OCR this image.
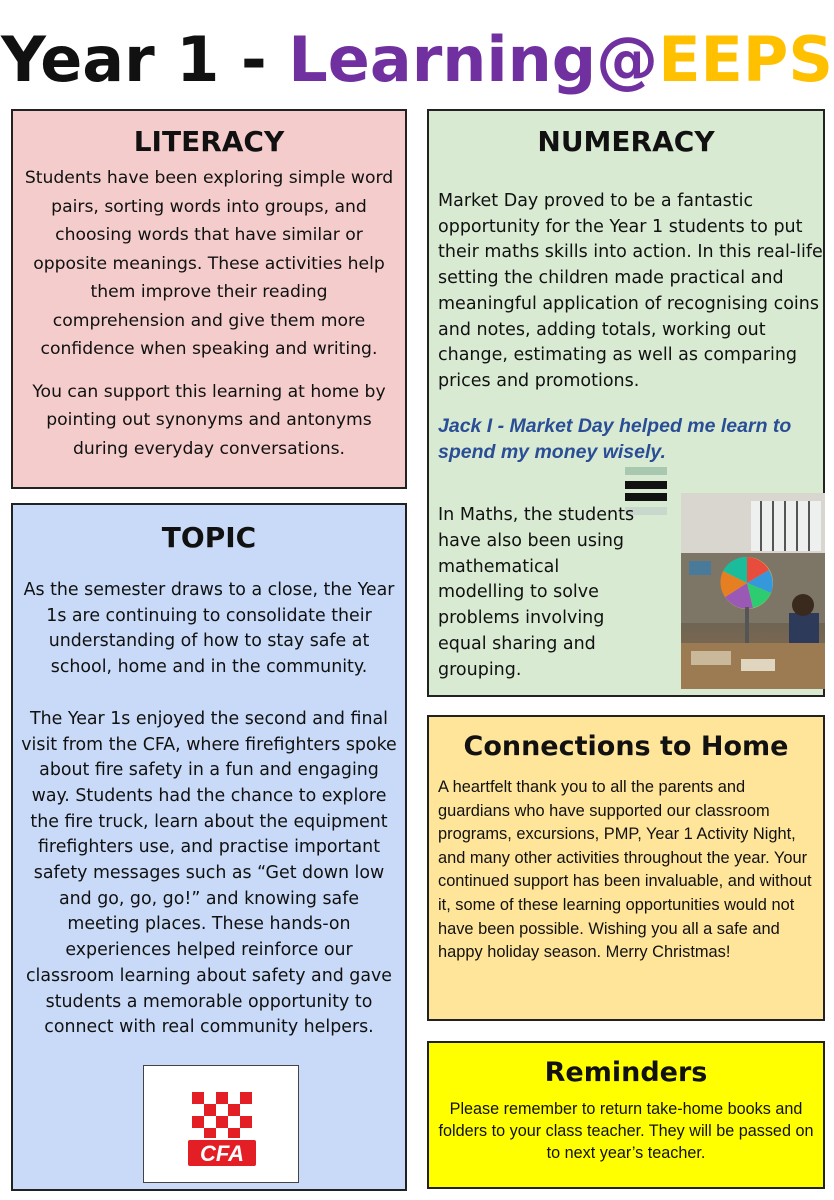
Year 1 - Learning@EEPS
LITERACY

Students have been exploring simple word pairs, sorting words into groups, and choosing words that have similar or opposite meanings. These activities help them improve their reading comprehension and give them more confidence when speaking and writing.

You can support this learning at home by pointing out synonyms and antonyms during everyday conversations.

NUMERACY

Market Day proved to be a fantastic opportunity for the Year 1 students to put their maths skills into action. In this real-life setting the children made practical and meaningful application of recognising coins and notes, adding totals, working out change, estimating as well as comparing prices and promotions.

Jack I - Market Day helped me learn to spend my money wisely.

In Maths, the students have also been using mathematical modelling to solve problems involving equal sharing and grouping.

TOPIC

As the semester draws to a close, the Year 1s are continuing to consolidate their understanding of how to stay safe at school, home and in the community.

The Year 1s enjoyed the second and final visit from the CFA, where firefighters spoke about fire safety in a fun and engaging way. Students had the chance to explore the fire truck, learn about the equipment firefighters use, and practise important safety messages such as “Get down low and go, go, go!” and knowing safe meeting places. These hands-on experiences helped reinforce our classroom learning about safety and gave students a memorable opportunity to connect with real community helpers.

CFA
Connections to Home

A heartfelt thank you to all the parents and guardians who have supported our classroom programs, excursions, PMP, Year 1 Activity Night, and many other activities throughout the year. Your continued support has been invaluable, and without it, some of these learning opportunities would not have been possible. Wishing you all a safe and happy holiday season. Merry Christmas!

Reminders

Please remember to return take-home books and folders to your class teacher. They will be passed on to next year’s teacher.
